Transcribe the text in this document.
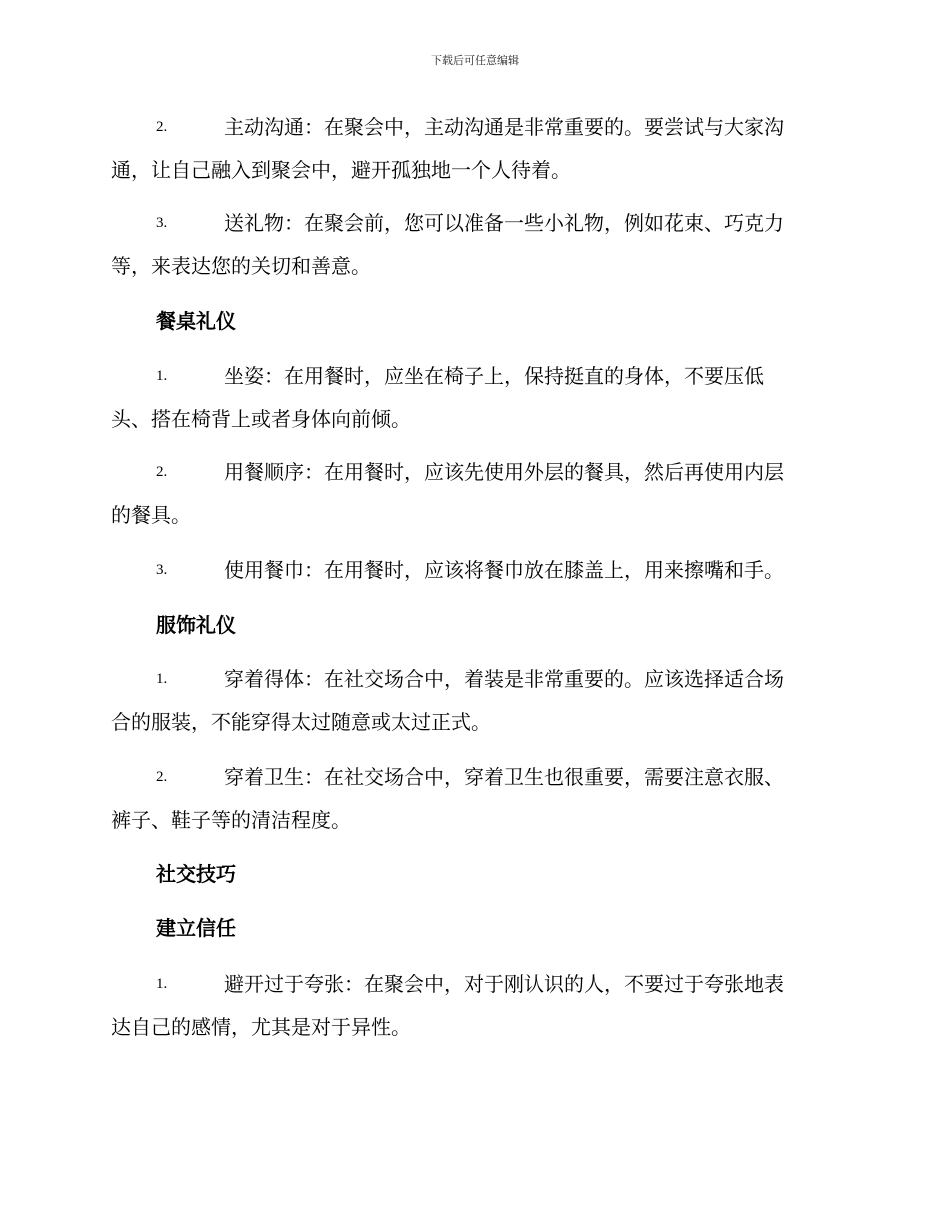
下载后可任意编辑
2.	主动沟通：在聚会中，主动沟通是非常重要的。要尝试与大家沟
通，让自己融入到聚会中，避开孤独地一个人待着。
3.	送礼物：在聚会前，您可以准备一些小礼物，例如花束、巧克力
等，来表达您的关切和善意。
餐桌礼仪
1.	坐姿：在用餐时，应坐在椅子上，保持挺直的身体，不要压低
头、搭在椅背上或者身体向前倾。
2.	用餐顺序：在用餐时，应该先使用外层的餐具，然后再使用内层
的餐具。
3.	使用餐巾：在用餐时，应该将餐巾放在膝盖上，用来擦嘴和手。
服饰礼仪
1.	穿着得体：在社交场合中，着装是非常重要的。应该选择适合场
合的服装，不能穿得太过随意或太过正式。
2.	穿着卫生：在社交场合中，穿着卫生也很重要，需要注意衣服、
裤子、鞋子等的清洁程度。
社交技巧
建立信任
1.	避开过于夸张：在聚会中，对于刚认识的人，不要过于夸张地表
达自己的感情，尤其是对于异性。
